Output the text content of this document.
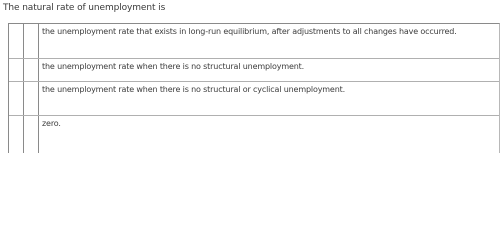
The natural rate of unemployment is
the unemployment rate that exists in long-run equilibrium, after adjustments to all changes have occurred.
the unemployment rate when there is no structural unemployment.
the unemployment rate when there is no structural or cyclical unemployment.
zero.
